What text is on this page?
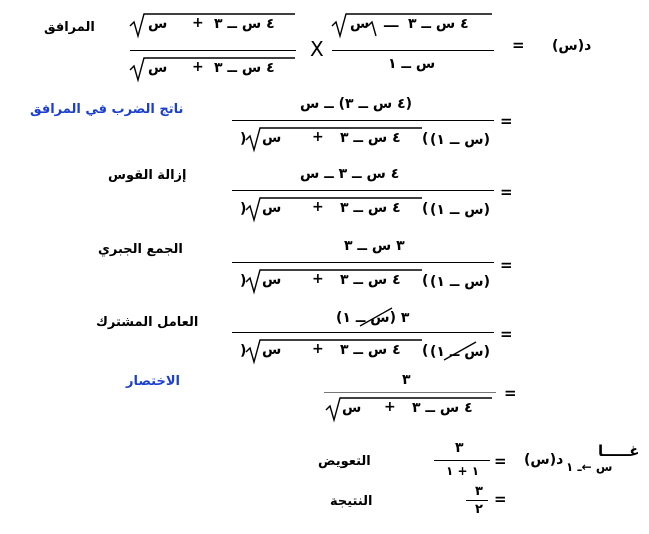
المرافق
ناتج الضرب في المرافق
إزالة القوس
الجمع الجبري
العامل المشترك
الاختصار
التعويض
النتيجة
د(س)
=
٤ س ــ ٣
ـــ
س
س ــ ١
X
٤ س ــ ٣
+
س
٤ س ــ ٣
+
س
=
(٤ س ــ ٣) ــ س
(س ــ ١)
٤ س ــ ٣
+
س
(	)
=
٤ س ــ ٣ ــ س
(س ــ ١)
٤ س ــ ٣
+
س
(	)
=
٣ س ــ ٣
(س ــ ١)
٤ س ــ ٣
+
س
(	)
=
٣ (س ــ ١)
(س ــ ١)
٤ س ــ ٣
+
س
(	)
=
٣
٤ س ــ ٣
+
س
غـــــا
س ←ـ ١
د(س)
=
٣
١ + ١
=
٣
٢
